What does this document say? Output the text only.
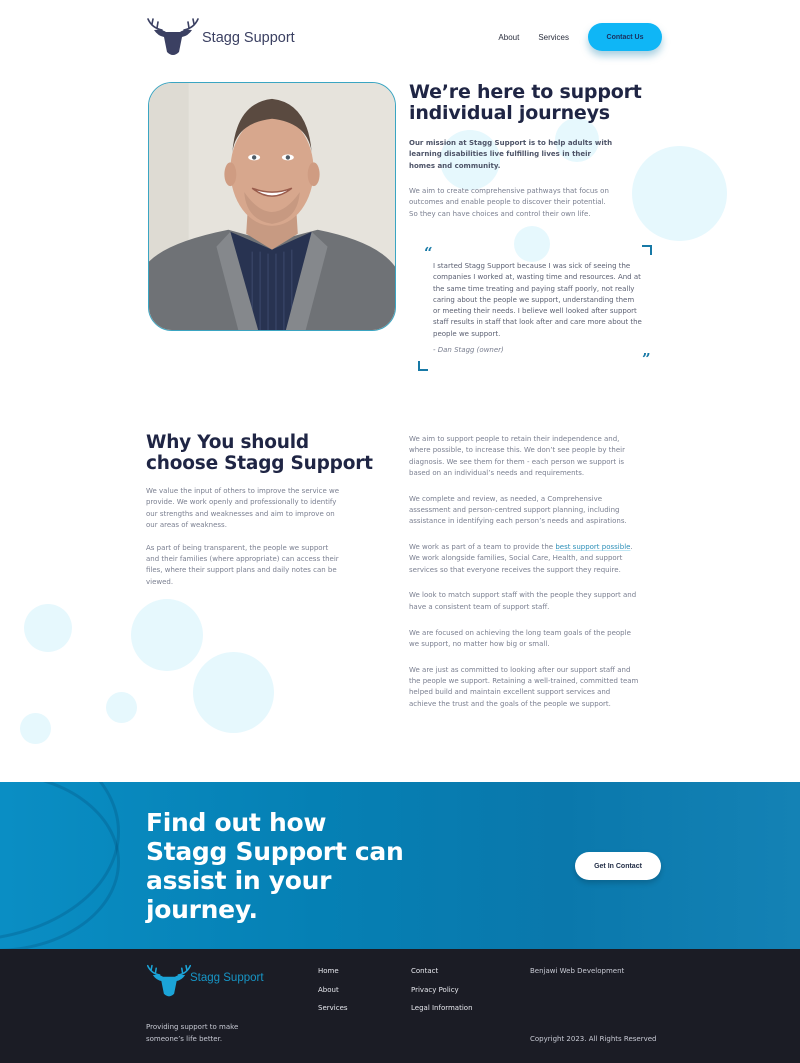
Stagg Support	About Services	Contact Us
We’re here to support individual journeys

Our mission at Stagg Support is to help adults with learning disabilities live fulfilling lives in their homes and community.

We aim to create comprehensive pathways that focus on outcomes and enable people to discover their potential. So they can have choices and control their own life.

“

I started Stagg Support because I was sick of seeing the companies I worked at, wasting time and resources. And at the same time treating and paying staff poorly, not really caring about the people we support, understanding them or meeting their needs. I believe well looked after support staff results in staff that look after and care more about the people we support.

- Dan Stagg (owner)	”
Why You should choose Stagg Support

We value the input of others to improve the service we provide. We work openly and professionally to identify our strengths and weaknesses and aim to improve on our areas of weakness.

As part of being transparent, the people we support and their families (where appropriate) can access their files, where their support plans and daily notes can be viewed.

We aim to support people to retain their independence and, where possible, to increase this. We don’t see people by their diagnosis. We see them for them - each person we support is based on an individual’s needs and requirements.

We complete and review, as needed, a Comprehensive assessment and person-centred support planning, including assistance in identifying each person’s needs and aspirations.

We work as part of a team to provide the best support possible. We work alongside families, Social Care, Health, and support services so that everyone receives the support they require.

We look to match support staff with the people they support and have a consistent team of support staff.

We are focused on achieving the long team goals of the people we support, no matter how big or small.

We are just as committed to looking after our support staff and the people we support. Retaining a well-trained, committed team helped build and maintain excellent support services and achieve the trust and the goals of the people we support.

Find out how Stagg Support can assist in your journey.
Get In Contact
Stagg Support

Providing support to make someone’s life better.

Home
About
Services
Contact
Privacy Policy
Legal Information
Benjawi Web Development

Copyright 2023. All Rights Reserved
